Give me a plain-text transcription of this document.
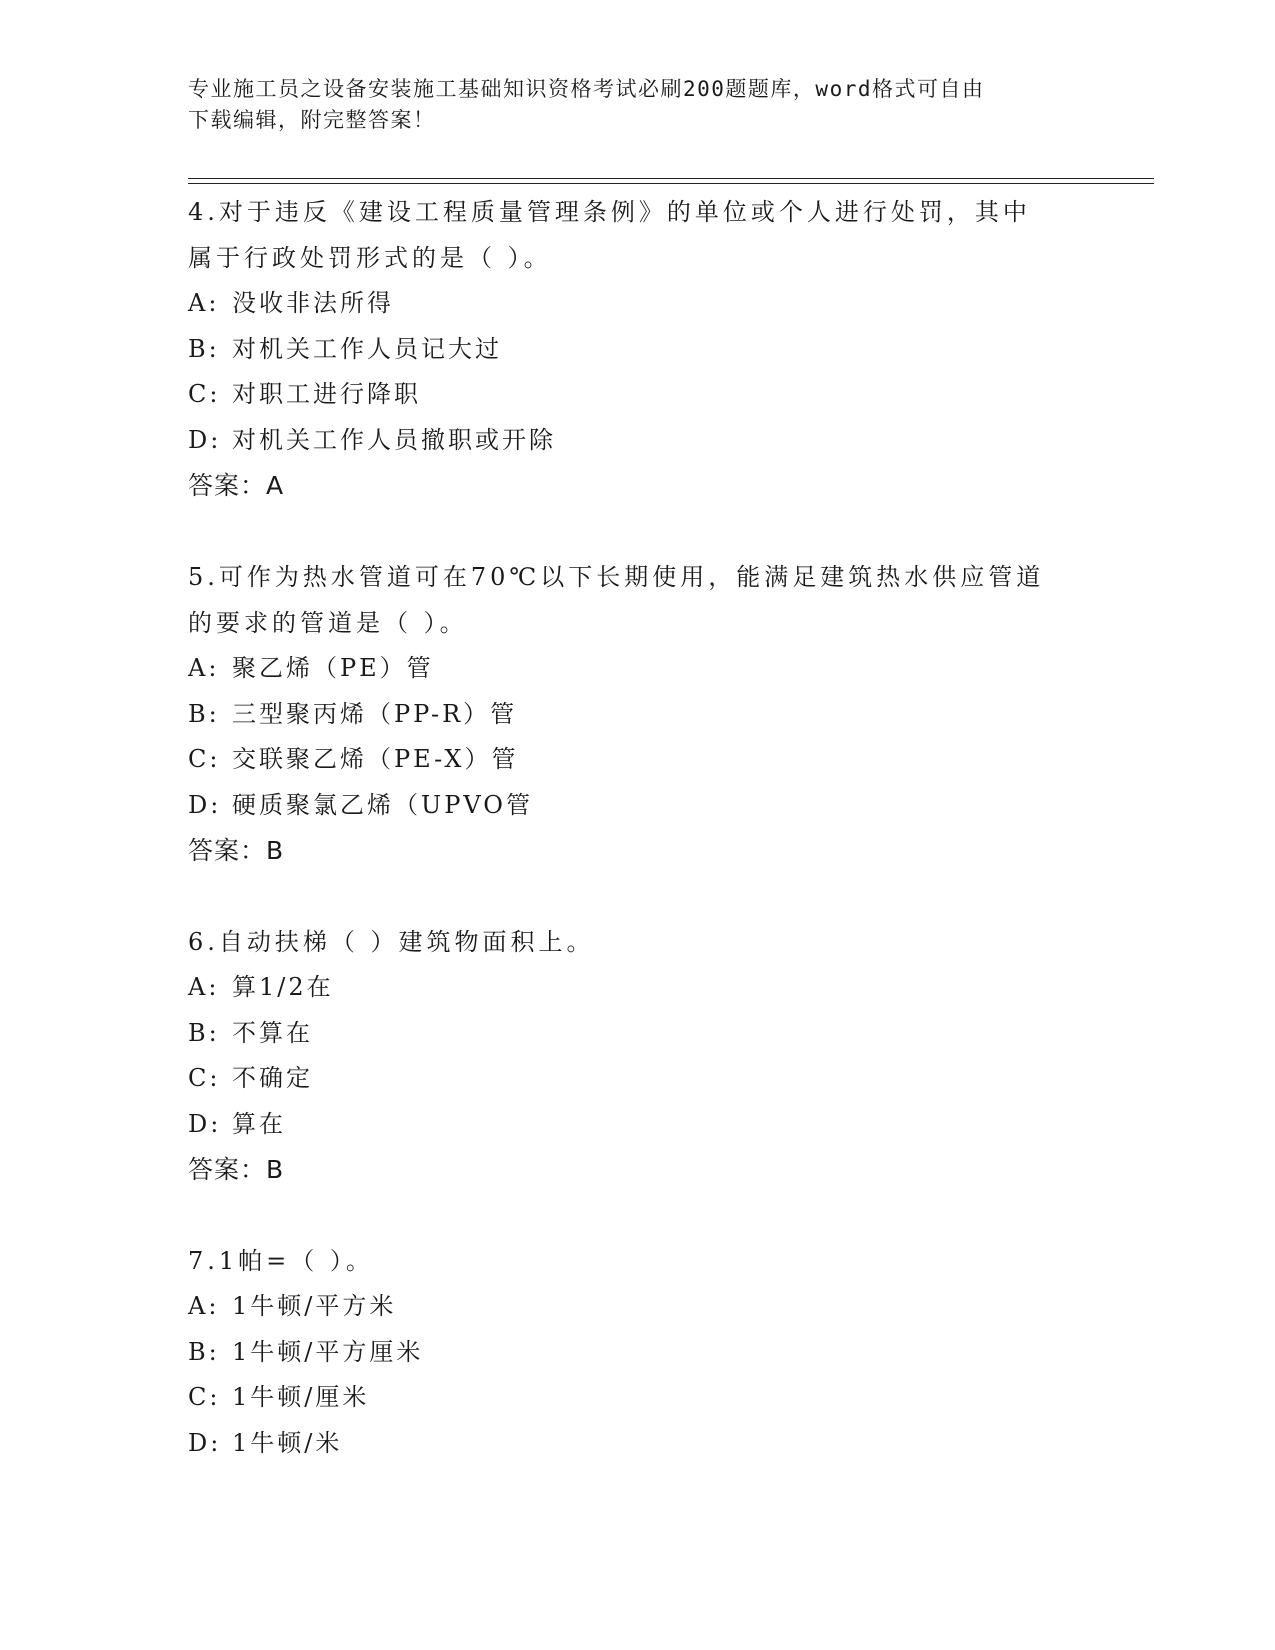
专业施工员之设备安装施工基础知识资格考试必刷200题题库，word格式可自由
下载编辑，附完整答案！
4.对于违反《建设工程质量管理条例》的单位或个人进行处罚，其中
属于行政处罚形式的是（ ）。
A: 没收非法所得
B: 对机关工作人员记大过
C: 对职工进行降职
D: 对机关工作人员撤职或开除
答案：A
5.可作为热水管道可在70℃以下长期使用，能满足建筑热水供应管道
的要求的管道是（ ）。
A: 聚乙烯（PE）管
B: 三型聚丙烯（PP-R）管
C: 交联聚乙烯（PE-X）管
D: 硬质聚氯乙烯（UPVO管
答案：B
6.自动扶梯（ ）建筑物面积上。
A: 算1/2在
B: 不算在
C: 不确定
D: 算在
答案：B
7.1帕=（ ）。
A: 1牛顿/平方米
B: 1牛顿/平方厘米
C: 1牛顿/厘米
D: 1牛顿/米
